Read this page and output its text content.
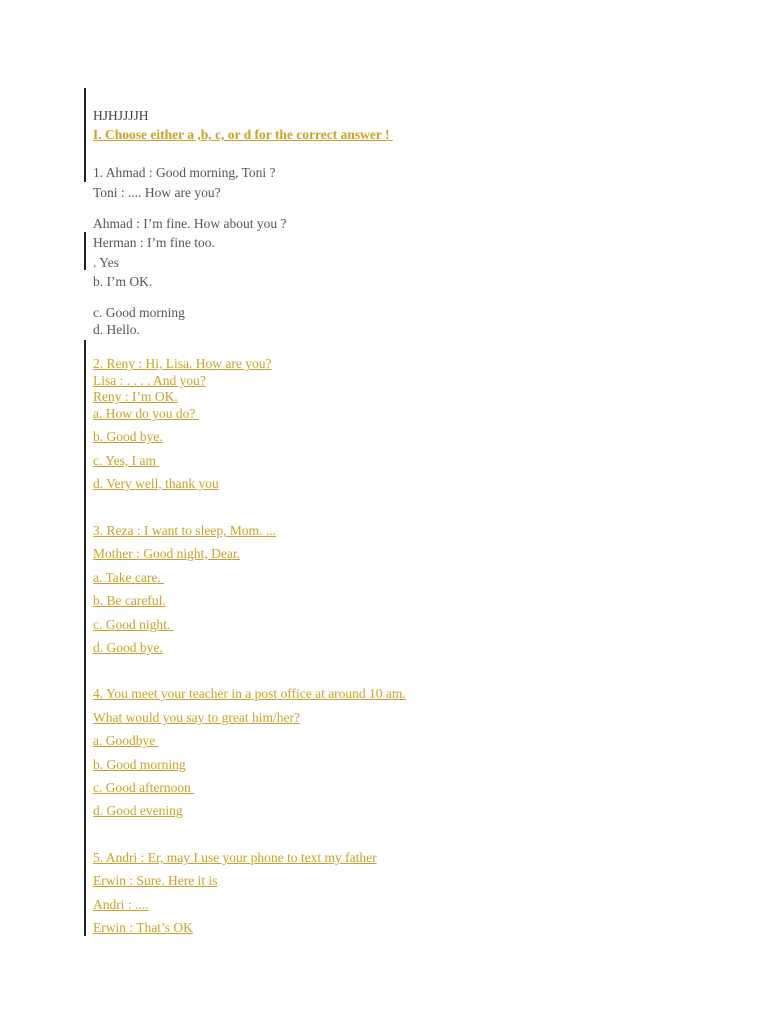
HJHJJJJH
I. Choose either a ,b, c, or d for the correct answer !
1. Ahmad : Good morning, Toni ?
Toni : .... How are you?
Ahmad : I’m fine. How about you ?
Herman : I’m fine too.
. Yes
b. I’m OK.
c. Good morning
d. Hello.
2. Reny : Hi, Lisa. How are you?
Lisa : . . . . And you?
Reny : I’m OK.
a. How do you do?
b. Good bye.
c. Yes, I am
d. Very well, thank you
3. Reza : I want to sleep, Mom. ...
Mother : Good night, Dear.
a. Take care.
b. Be careful.
c. Good night.
d. Good bye.
4. You meet your teacher in a post office at around 10 am.
What would you say to great him/her?
a. Goodbye
b. Good morning
c. Good afternoon
d. Good evening
5. Andri : Er, may I use your phone to text my father
Erwin : Sure. Here it is
Andri : ....
Erwin : That’s OK
